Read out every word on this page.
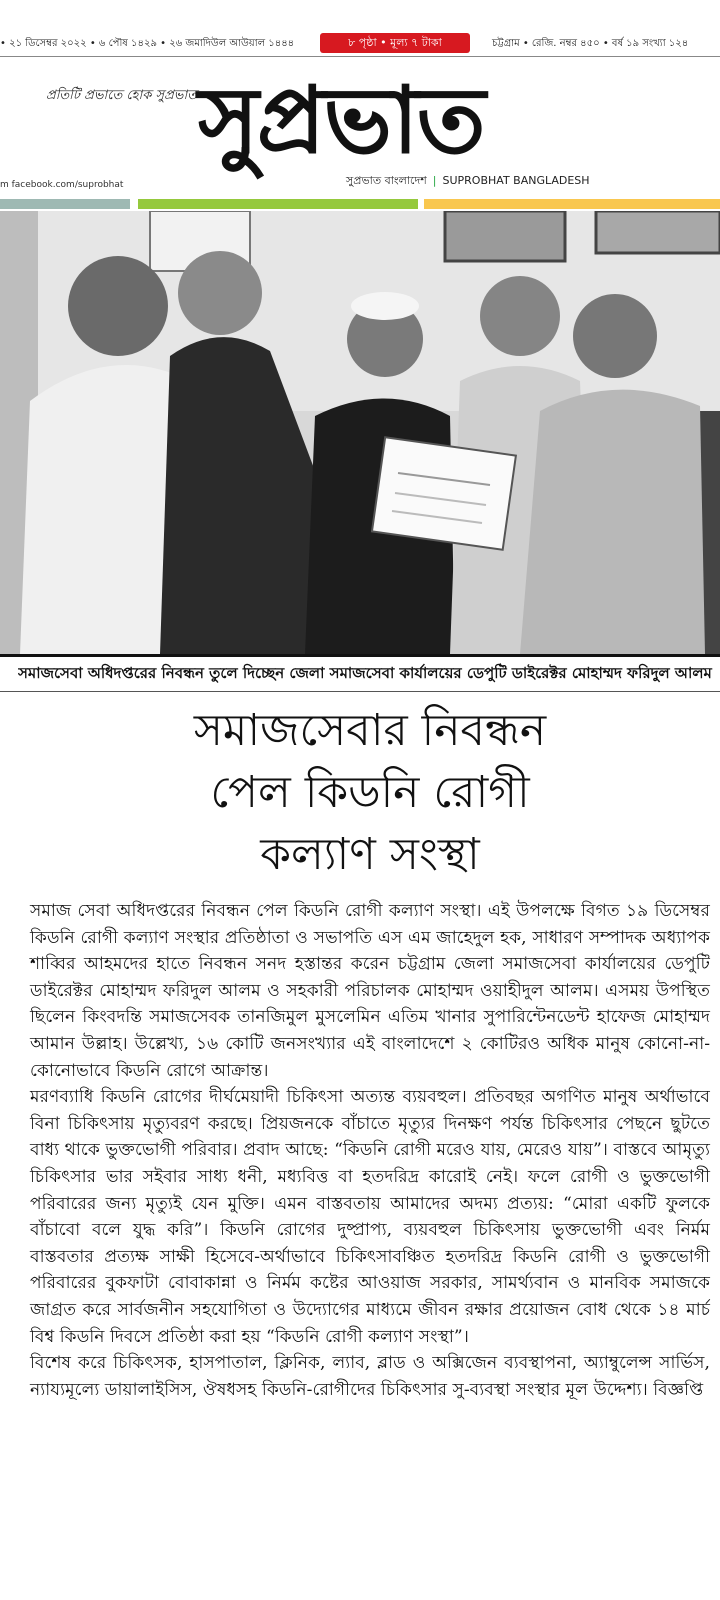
• ২১ ডিসেম্বর ২০২২ • ৬ পৌষ ১৪২৯ • ২৬ জমাদিউল আউয়াল ১৪৪৪	৮ পৃষ্ঠা • মূল্য ৭ টাকা	চট্টগ্রাম • রেজি. নম্বর ৪৫০ • বর্ষ ১৯ সংখ্যা ১২৪
প্রতিটি প্রভাতে হোক সুপ্রভাত সুপ্রভাত
সুপ্রভাত বাংলাদেশ | SUPROBHAT BANGLADESH
m facebook.com/suprobhat
সমাজসেবা অধিদপ্তরের নিবন্ধন তুলে দিচ্ছেন জেলা সমাজসেবা কার্যালয়ের ডেপুটি ডাইরেক্টর মোহাম্মদ ফরিদুল আলম
সমাজসেবার নিবন্ধন
পেল কিডনি রোগী
কল্যাণ সংস্থা

সমাজ সেবা অধিদপ্তরের নিবন্ধন পেল কিডনি রোগী কল্যাণ সংস্থা। এই উপলক্ষে বিগত ১৯ ডিসেম্বর কিডনি রোগী কল্যাণ সংস্থার প্রতিষ্ঠাতা ও সভাপতি এস এম জাহেদুল হক, সাধারণ সম্পাদক অধ্যাপক শাব্বির আহমদের হাতে নিবন্ধন সনদ হস্তান্তর করেন চট্টগ্রাম জেলা সমাজসেবা কার্যালয়ের ডেপুটি ডাইরেক্টর মোহাম্মদ ফরিদুল আলম ও সহকারী পরিচালক মোহাম্মদ ওয়াহীদুল আলম। এসময় উপস্থিত ছিলেন কিংবদন্তি সমাজসেবক তানজিমুল মুসলেমিন এতিম খানার সুপারিন্টেনডেন্ট হাফেজ মোহাম্মদ আমান উল্লাহ। উল্লেখ্য, ১৬ কোটি জনসংখ্যার এই বাংলাদেশে ২ কোটিরও অধিক মানুষ কোনো-না-কোনোভাবে কিডনি রোগে আক্রান্ত।

মরণব্যাধি কিডনি রোগের দীর্ঘমেয়াদী চিকিৎসা অত্যন্ত ব্যয়বহুল। প্রতিবছর অগণিত মানুষ অর্থাভাবে বিনা চিকিৎসায় মৃত্যুবরণ করছে। প্রিয়জনকে বাঁচাতে মৃত্যুর দিনক্ষণ পর্যন্ত চিকিৎসার পেছনে ছুটতে বাধ্য থাকে ভুক্তভোগী পরিবার। প্রবাদ আছে: “কিডনি রোগী মরেও যায়, মেরেও যায়”। বাস্তবে আমৃত্যু চিকিৎসার ভার সইবার সাধ্য ধনী, মধ্যবিত্ত বা হতদরিদ্র কারোই নেই। ফলে রোগী ও ভুক্তভোগী পরিবারের জন্য মৃত্যুই যেন মুক্তি। এমন বাস্তবতায় আমাদের অদম্য প্রত্যয়: “মোরা একটি ফুলকে বাঁচাবো বলে যুদ্ধ করি”। কিডনি রোগের দুষ্প্রাপ্য, ব্যয়বহুল চিকিৎসায় ভুক্তভোগী এবং নির্মম বাস্তবতার প্রত্যক্ষ সাক্ষী হিসেবে-অর্থাভাবে চিকিৎসাবঞ্চিত হতদরিদ্র কিডনি রোগী ও ভুক্তভোগী পরিবারের বুকফাটা বোবাকান্না ও নির্মম কষ্টের আওয়াজ সরকার, সামর্থ্যবান ও মানবিক সমাজকে জাগ্রত করে সার্বজনীন সহযোগিতা ও উদ্যোগের মাধ্যমে জীবন রক্ষার প্রয়োজন বোধ থেকে ১৪ মার্চ বিশ্ব কিডনি দিবসে প্রতিষ্ঠা করা হয় “কিডনি রোগী কল্যাণ সংস্থা”।

বিশেষ করে চিকিৎসক, হাসপাতাল, ক্লিনিক, ল্যাব, ব্লাড ও অক্সিজেন ব্যবস্থাপনা, অ্যাম্বুলেন্স সার্ভিস, ন্যায্যমূল্যে ডায়ালাইসিস, ঔষধসহ কিডনি-রোগীদের চিকিৎসার সু-ব্যবস্থা সংস্থার মূল উদ্দেশ্য। বিজ্ঞপ্তি
